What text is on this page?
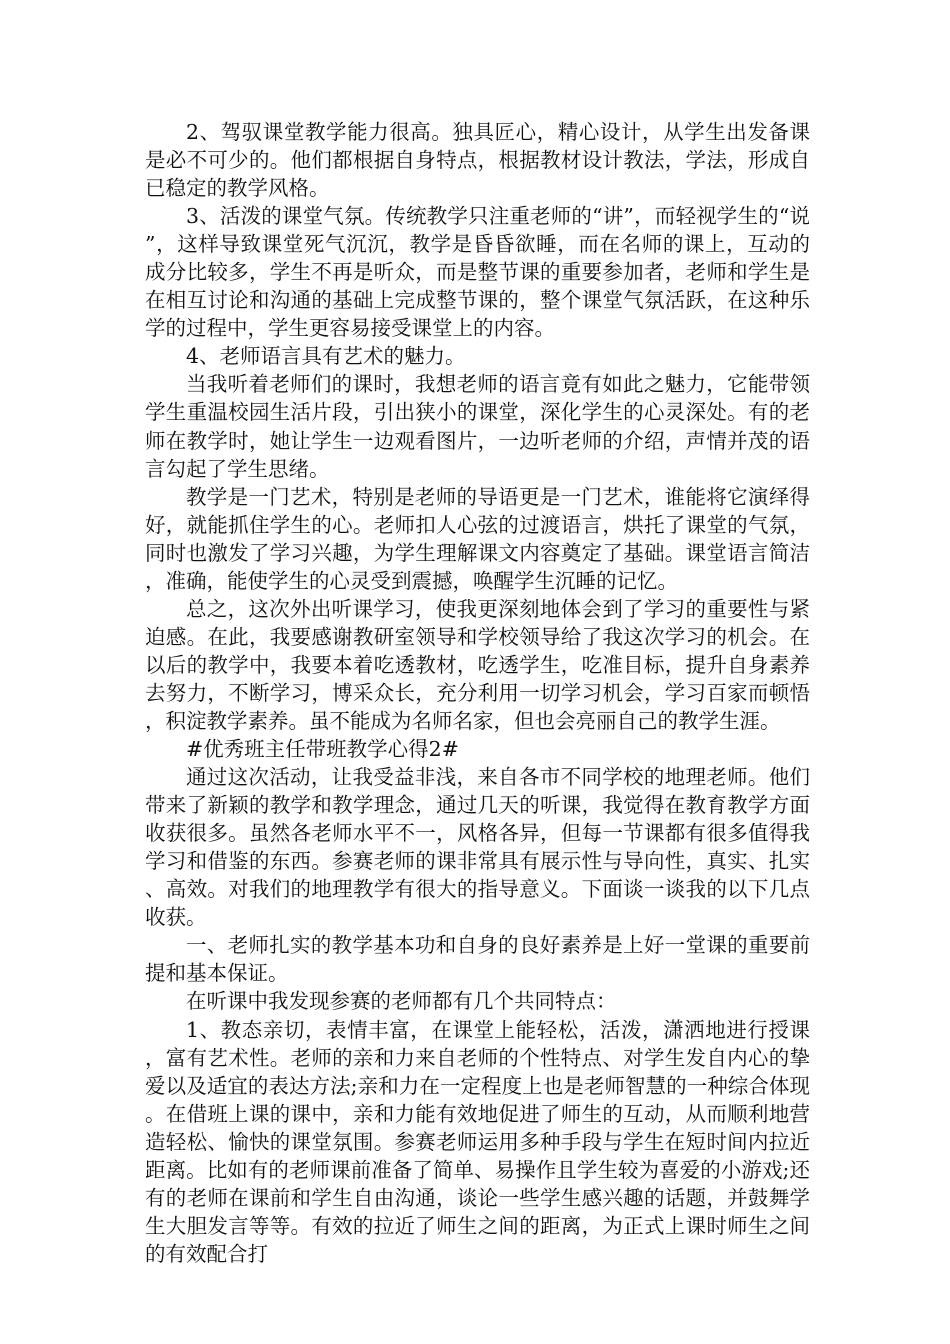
2、驾驭课堂教学能力很高。独具匠心，精心设计，从学生出发备课是必不可少的。他们都根据自身特点，根据教材设计教法，学法，形成自已稳定的教学风格。

3、活泼的课堂气氛。传统教学只注重老师的“讲”，而轻视学生的“说”，这样导致课堂死气沉沉，教学是昏昏欲睡，而在名师的课上，互动的成分比较多，学生不再是听众，而是整节课的重要参加者，老师和学生是在相互讨论和沟通的基础上完成整节课的，整个课堂气氛活跃，在这种乐学的过程中，学生更容易接受课堂上的内容。

4、老师语言具有艺术的魅力。

当我听着老师们的课时，我想老师的语言竟有如此之魅力，它能带领学生重温校园生活片段，引出狭小的课堂，深化学生的心灵深处。有的老师在教学时，她让学生一边观看图片，一边听老师的介绍，声情并茂的语言勾起了学生思绪。

教学是一门艺术，特别是老师的导语更是一门艺术，谁能将它演绎得好，就能抓住学生的心。老师扣人心弦的过渡语言，烘托了课堂的气氛，同时也激发了学习兴趣，为学生理解课文内容奠定了基础。课堂语言简洁，准确，能使学生的心灵受到震撼，唤醒学生沉睡的记忆。

总之，这次外出听课学习，使我更深刻地体会到了学习的重要性与紧迫感。在此，我要感谢教研室领导和学校领导给了我这次学习的机会。在以后的教学中，我要本着吃透教材，吃透学生，吃准目标，提升自身素养去努力，不断学习，博采众长，充分利用一切学习机会，学习百家而顿悟，积淀教学素养。虽不能成为名师名家，但也会亮丽自己的教学生涯。

#优秀班主任带班教学心得2#

通过这次活动，让我受益非浅，来自各市不同学校的地理老师。他们带来了新颖的教学和教学理念，通过几天的听课，我觉得在教育教学方面收获很多。虽然各老师水平不一，风格各异，但每一节课都有很多值得我学习和借鉴的东西。参赛老师的课非常具有展示性与导向性，真实、扎实、高效。对我们的地理教学有很大的指导意义。下面谈一谈我的以下几点收获。

一、老师扎实的教学基本功和自身的良好素养是上好一堂课的重要前提和基本保证。

在听课中我发现参赛的老师都有几个共同特点：

1、教态亲切，表情丰富，在课堂上能轻松，活泼，潇洒地进行授课，富有艺术性。老师的亲和力来自老师的个性特点、对学生发自内心的挚爱以及适宜的表达方法;亲和力在一定程度上也是老师智慧的一种综合体现。在借班上课的课中，亲和力能有效地促进了师生的互动，从而顺利地营造轻松、愉快的课堂氛围。参赛老师运用多种手段与学生在短时间内拉近距离。比如有的老师课前准备了简单、易操作且学生较为喜爱的小游戏;还有的老师在课前和学生自由沟通，谈论一些学生感兴趣的话题，并鼓舞学生大胆发言等等。有效的拉近了师生之间的距离，为正式上课时师生之间的有效配合打
